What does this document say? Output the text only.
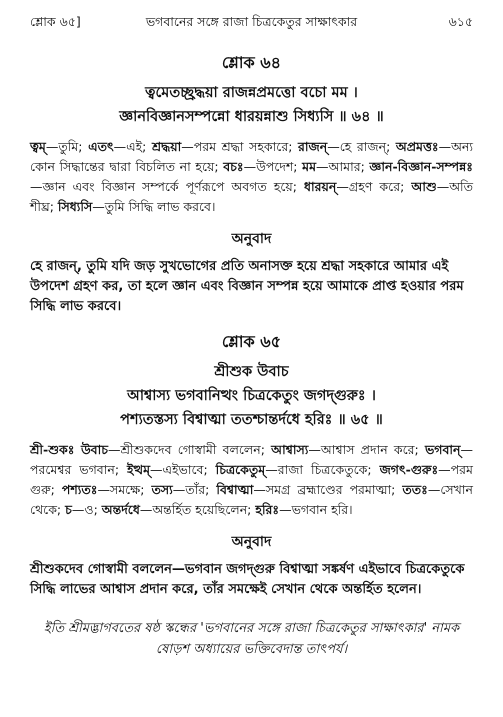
শ্লোক ৬৫]	ভগবানের সঙ্গে রাজা চিত্রকেতুর সাক্ষাৎকার	৬১৫
শ্লোক ৬৪
ত্বমেতচ্ছ্রদ্ধয়া রাজন্নপ্রমত্তো বচো মম ।
জ্ঞানবিজ্ঞানসম্পন্নো ধারয়ন্নাশু সিধ্যসি ॥ ৬৪ ॥
ত্বম্—তুমি; এতৎ—এই; শ্রদ্ধয়া—পরম শ্রদ্ধা সহকারে; রাজন্—হে রাজন্; অপ্রমত্তঃ—অন্য কোন সিদ্ধান্তের দ্বারা বিচলিত না হয়ে; বচঃ—উপদেশ; মম—আমার; জ্ঞান-বিজ্ঞান-সম্পন্নঃ—জ্ঞান এবং বিজ্ঞান সম্পর্কে পূর্ণরূপে অবগত হয়ে; ধারয়ন্—গ্রহণ করে; আশু—অতি শীঘ্র; সিধ্যসি—তুমি সিদ্ধি লাভ করবে।
অনুবাদ
হে রাজন্, তুমি যদি জড় সুখভোগের প্রতি অনাসক্ত হয়ে শ্রদ্ধা সহকারে আমার এই উপদেশ গ্রহণ কর, তা হলে জ্ঞান এবং বিজ্ঞান সম্পন্ন হয়ে আমাকে প্রাপ্ত হওয়ার পরম সিদ্ধি লাভ করবে।
শ্লোক ৬৫
শ্রীশুক উবাচ
আশ্বাস্য ভগবানিত্থং চিত্রকেতুং জগদ্‌গুরুঃ ।
পশ্যতস্তস্য বিশ্বাত্মা ততশ্চান্তর্দধে হরিঃ ॥ ৬৫ ॥
শ্রী-শুকঃ উবাচ—শ্রীশুকদেব গোস্বামী বললেন; আশ্বাস্য—আশ্বাস প্রদান করে; ভগবান্—পরমেশ্বর ভগবান; ইত্থম্—এইভাবে; চিত্রকেতুম্—রাজা চিত্রকেতুকে; জগৎ-গুরুঃ—পরম গুরু; পশ্যতঃ—সমক্ষে; তস্য—তাঁর; বিশ্বাত্মা—সমগ্র ব্রহ্মাণ্ডের পরমাত্মা; ততঃ—সেখান থেকে; চ—ও; অন্তর্দধে—অন্তর্হিত হয়েছিলেন; হরিঃ—ভগবান হরি।
অনুবাদ
শ্রীশুকদেব গোস্বামী বললেন—ভগবান জগদ্‌গুরু বিশ্বাত্মা সঙ্কর্ষণ এইভাবে চিত্রকেতুকে সিদ্ধি লাভের আশ্বাস প্রদান করে, তাঁর সমক্ষেই সেখান থেকে অন্তর্হিত হলেন।
ইতি শ্রীমদ্ভাগবতের ষষ্ঠ স্কন্ধের 'ভগবানের সঙ্গে রাজা চিত্রকেতুর সাক্ষাৎকার' নামক ষোড়শ অধ্যায়ের ভক্তিবেদান্ত তাৎপর্য।
